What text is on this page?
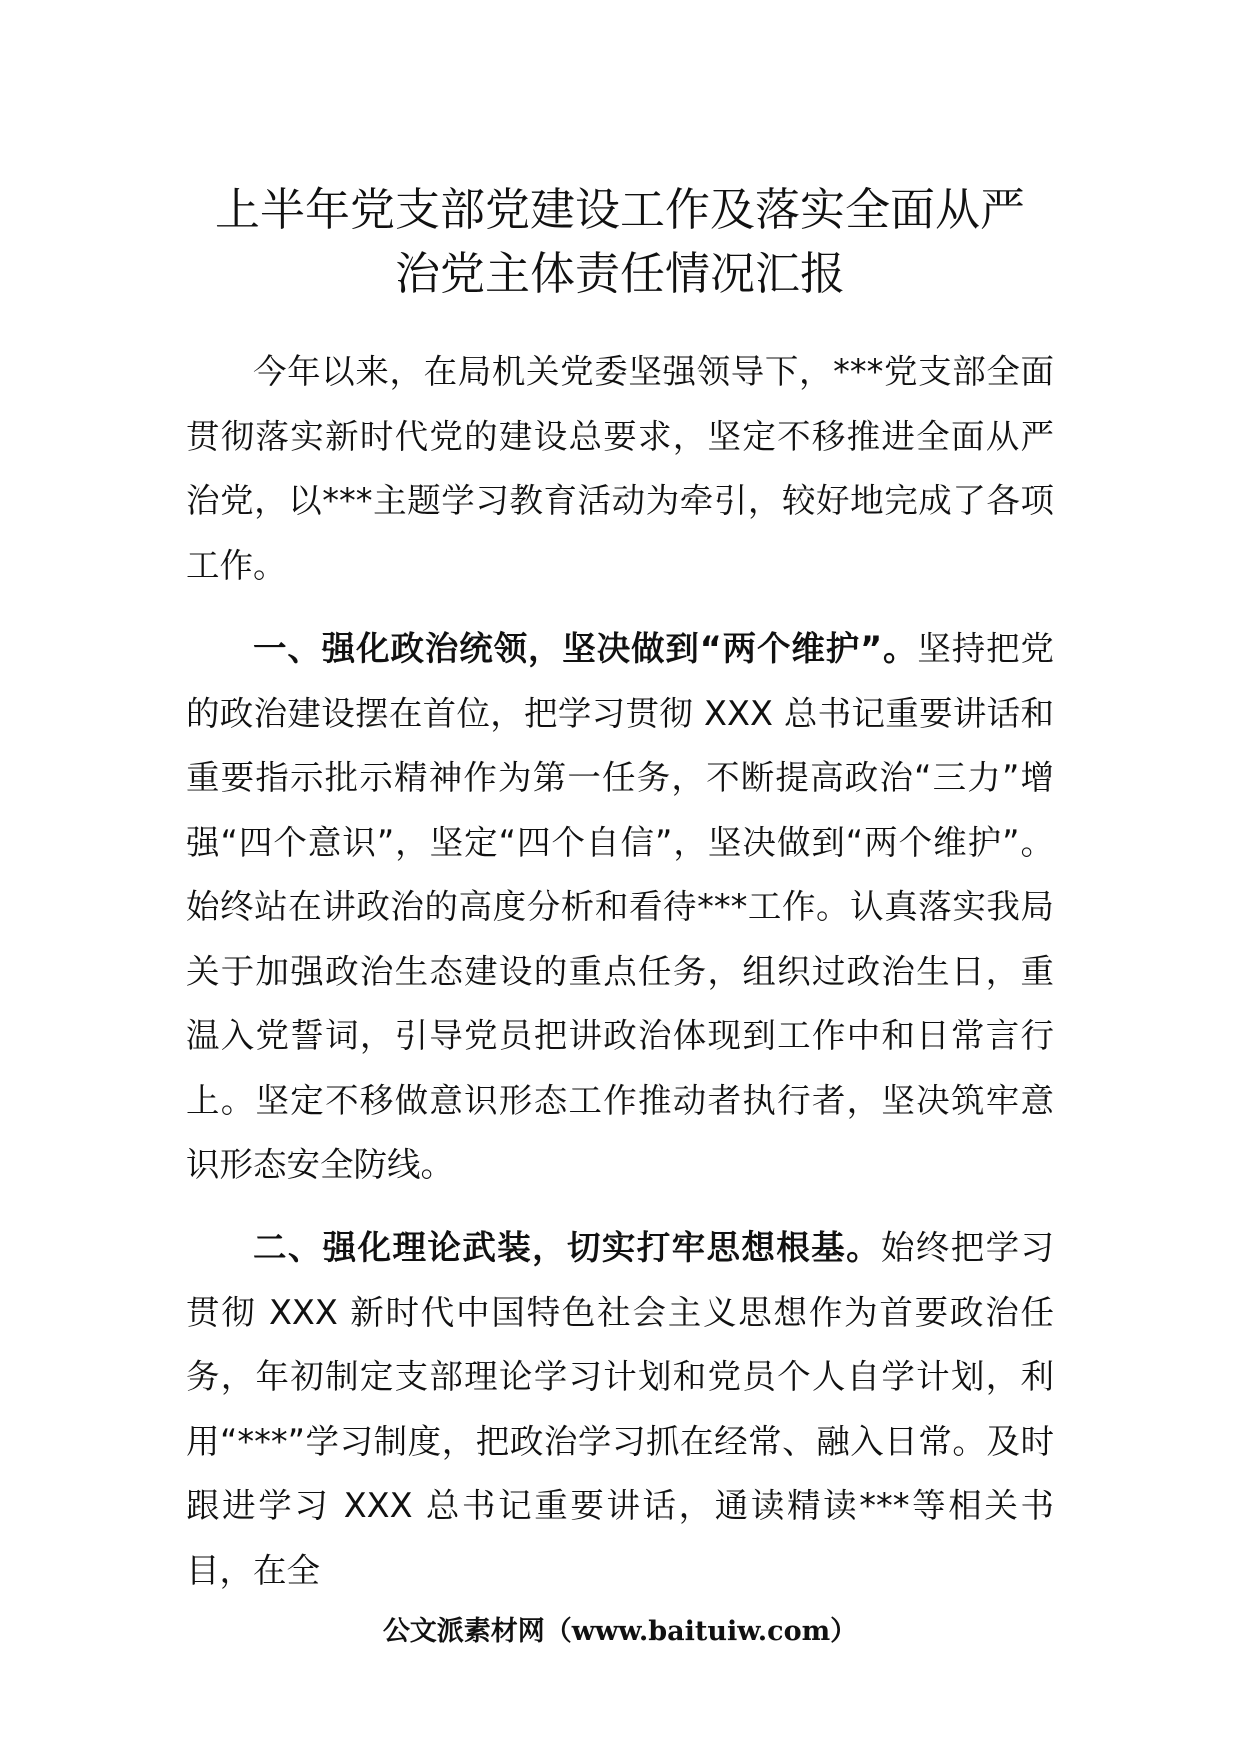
上半年党支部党建设工作及落实全面从严
治党主体责任情况汇报

今年以来，在局机关党委坚强领导下，***党支部全面贯彻落实新时代党的建设总要求，坚定不移推进全面从严治党，以***主题学习教育活动为牵引，较好地完成了各项工作。

一、强化政治统领，坚决做到“两个维护”。坚持把党的政治建设摆在首位，把学习贯彻 XXX 总书记重要讲话和重要指示批示精神作为第一任务，不断提高政治“三力”增强“四个意识”，坚定“四个自信”，坚决做到“两个维护”。始终站在讲政治的高度分析和看待***工作。认真落实我局关于加强政治生态建设的重点任务，组织过政治生日，重温入党誓词，引导党员把讲政治体现到工作中和日常言行上。坚定不移做意识形态工作推动者执行者，坚决筑牢意识形态安全防线。

二、强化理论武装，切实打牢思想根基。始终把学习贯彻 XXX 新时代中国特色社会主义思想作为首要政治任务，年初制定支部理论学习计划和党员个人自学计划，利用“***”学习制度，把政治学习抓在经常、融入日常。及时跟进学习 XXX 总书记重要讲话，通读精读***等相关书目，在全

公文派素材网（www.baituiw.com）
